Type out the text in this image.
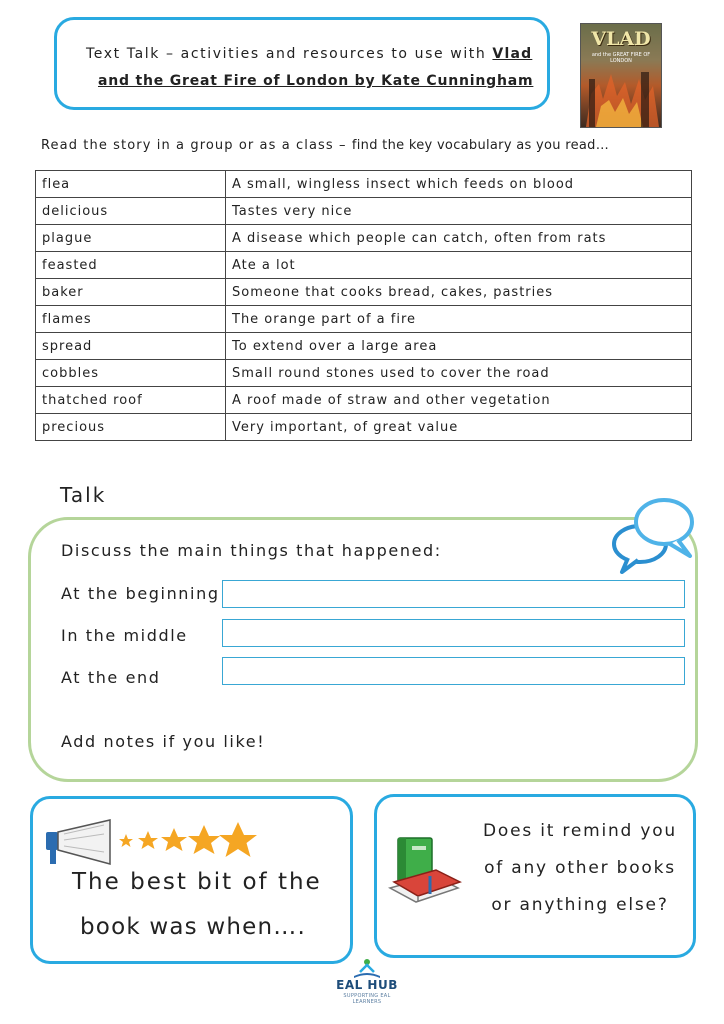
Text Talk – activities and resources to use with Vlad
and the Great Fire of London by Kate Cunningham
VLAD
and the GREAT FIRE OF LONDON
Read the story in a group or as a class – find the key vocabulary as you read…
flea	A small, wingless insect which feeds on blood
delicious	Tastes very nice
plague	A disease which people can catch, often from rats
feasted	Ate a lot
baker	Someone that cooks bread, cakes, pastries
flames	The orange part of a fire
spread	To extend over a large area
cobbles	Small round stones used to cover the road
thatched roof	A roof made of straw and other vegetation
precious	Very important, of great value
Talk
Discuss the main things that happened:
At the beginning
In the middle
At the end
Add notes if you like!
The best bit of the
book was when….
Does it remind you
of any other books
or anything else?
EAL HUB
SUPPORTING EAL LEARNERS
